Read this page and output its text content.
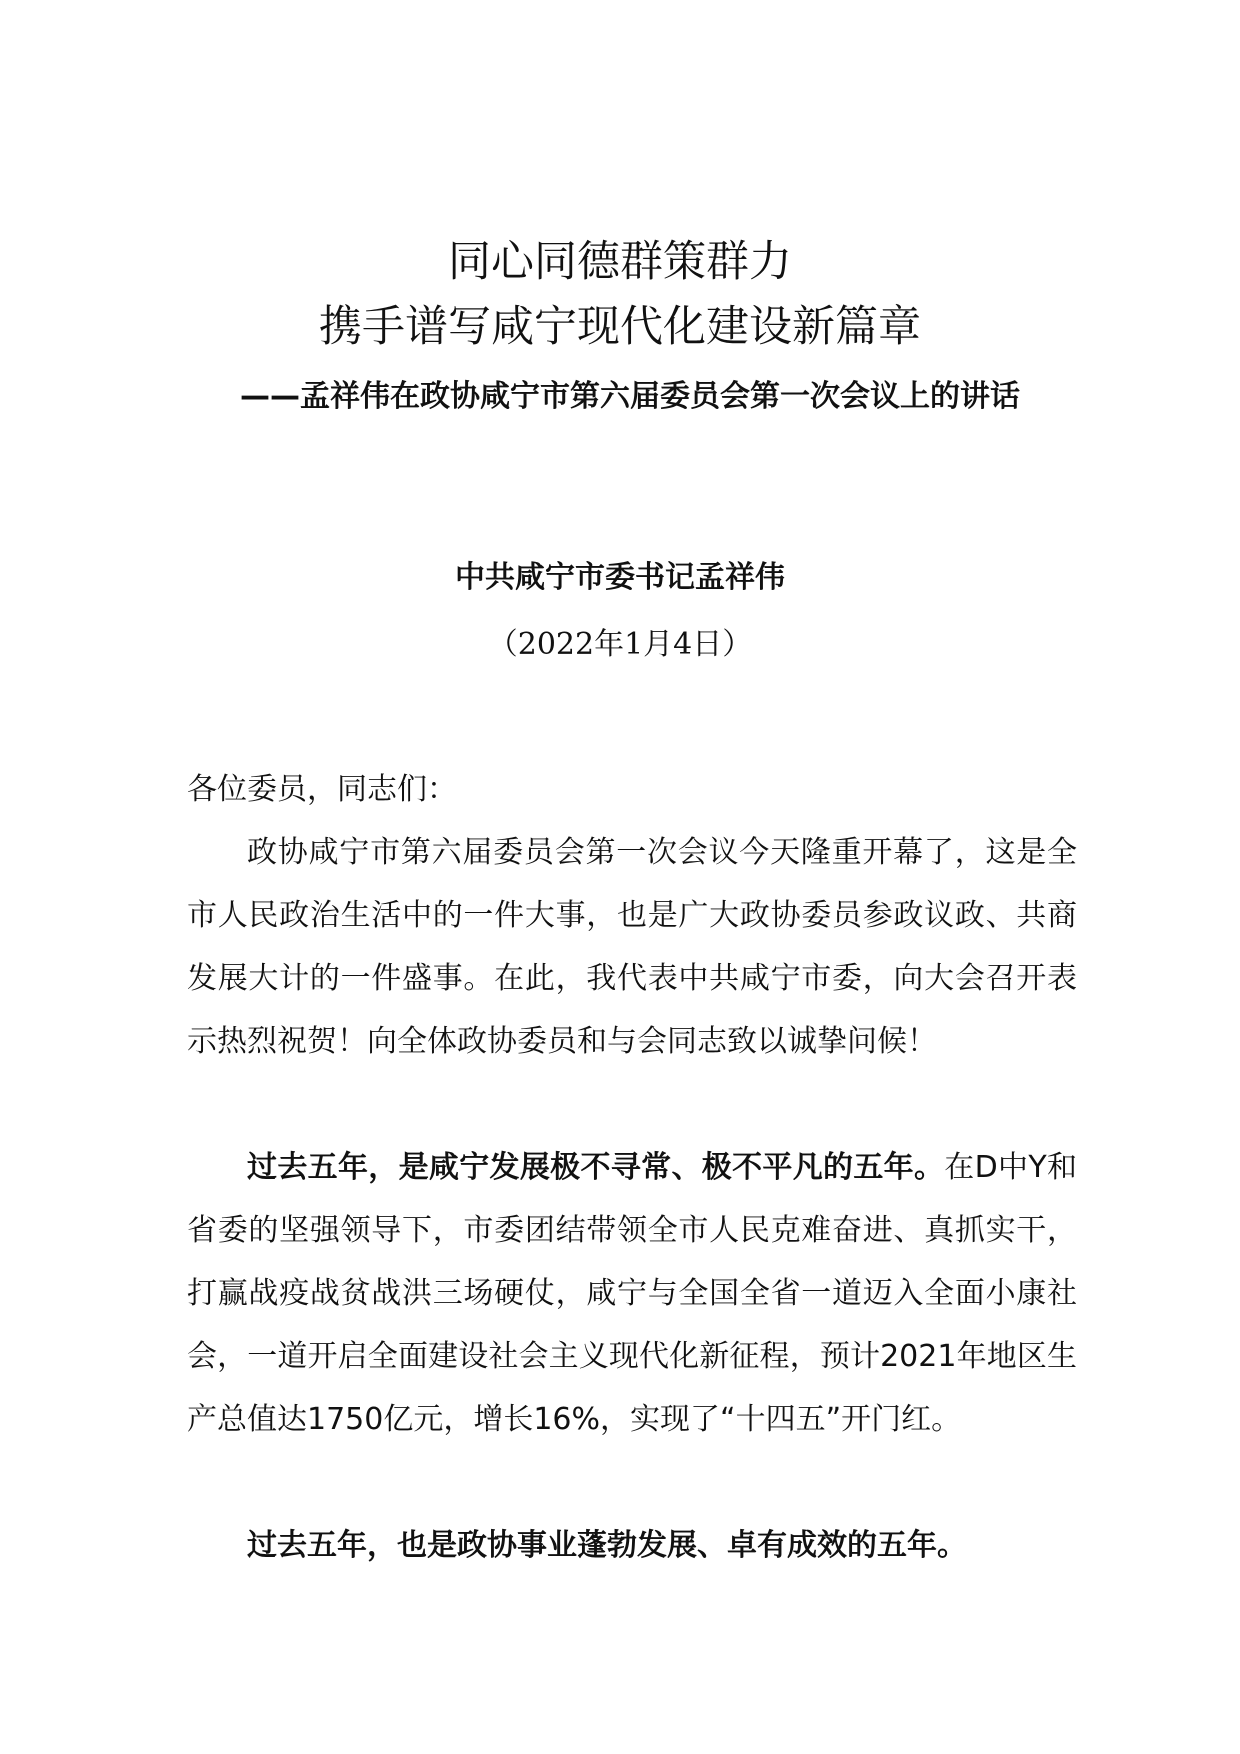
同心同德群策群力
携手谱写咸宁现代化建设新篇章
——孟祥伟在政协咸宁市第六届委员会第一次会议上的讲话
中共咸宁市委书记孟祥伟
（2022年1月4日）
各位委员，同志们：

政协咸宁市第六届委员会第一次会议今天隆重开幕了，这是全市人民政治生活中的一件大事，也是广大政协委员参政议政、共商发展大计的一件盛事。在此，我代表中共咸宁市委，向大会召开表示热烈祝贺！向全体政协委员和与会同志致以诚挚问候！

过去五年，是咸宁发展极不寻常、极不平凡的五年。在D中Y和省委的坚强领导下，市委团结带领全市人民克难奋进、真抓实干，打赢战疫战贫战洪三场硬仗，咸宁与全国全省一道迈入全面小康社会，一道开启全面建设社会主义现代化新征程，预计2021年地区生产总值达1750亿元，增长16%，实现了“十四五”开门红。

过去五年，也是政协事业蓬勃发展、卓有成效的五年。
